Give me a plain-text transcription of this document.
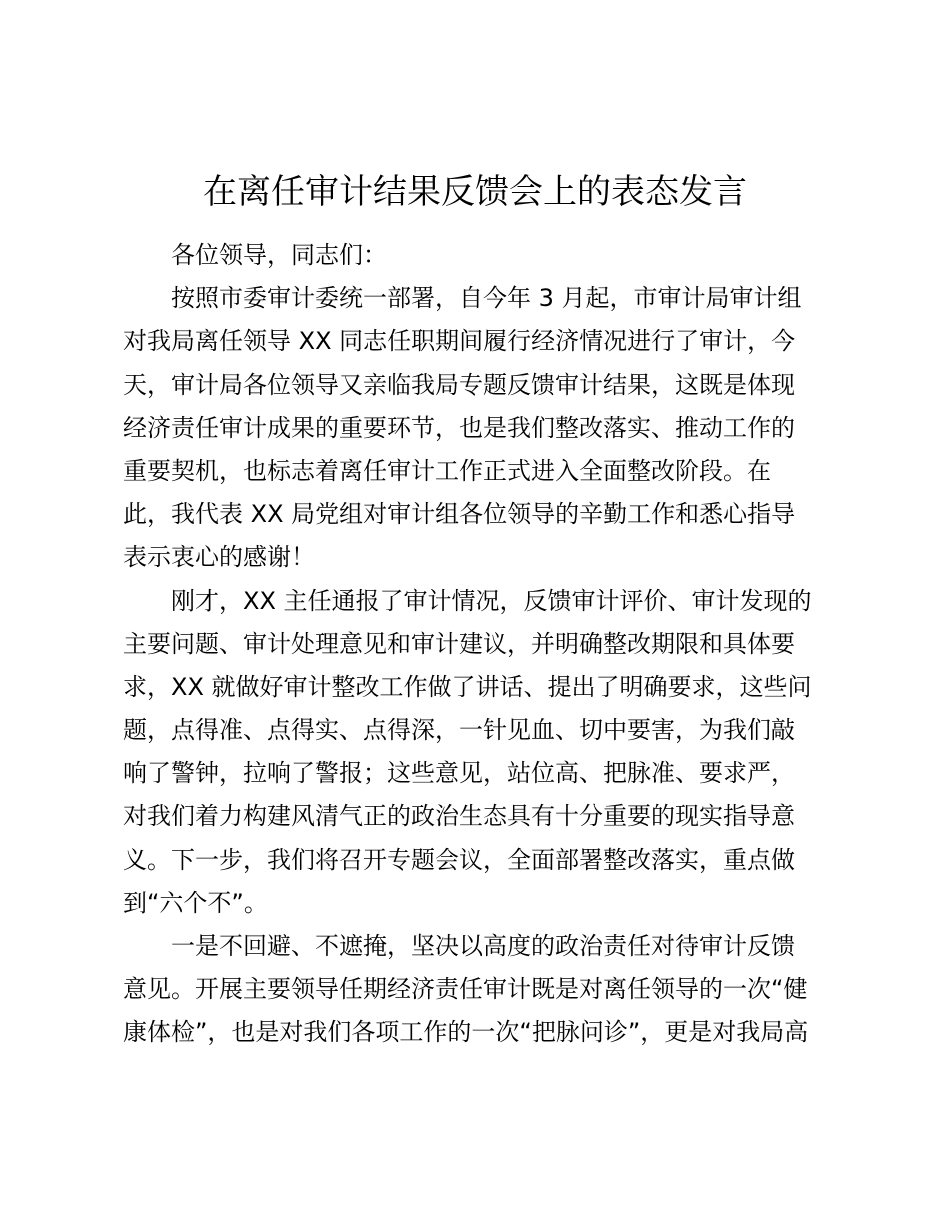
在离任审计结果反馈会上的表态发言
各位领导，同志们：
按照市委审计委统一部署，自今年 3 月起，市审计局审计组
对我局离任领导 XX 同志任职期间履行经济情况进行了审计，今
天，审计局各位领导又亲临我局专题反馈审计结果，这既是体现
经济责任审计成果的重要环节，也是我们整改落实、推动工作的
重要契机，也标志着离任审计工作正式进入全面整改阶段。在
此，我代表 XX 局党组对审计组各位领导的辛勤工作和悉心指导
表示衷心的感谢！
刚才，XX 主任通报了审计情况，反馈审计评价、审计发现的
主要问题、审计处理意见和审计建议，并明确整改期限和具体要
求，XX 就做好审计整改工作做了讲话、提出了明确要求，这些问
题，点得准、点得实、点得深，一针见血、切中要害，为我们敲
响了警钟，拉响了警报；这些意见，站位高、把脉准、要求严，
对我们着力构建风清气正的政治生态具有十分重要的现实指导意
义。下一步，我们将召开专题会议，全面部署整改落实，重点做
到“六个不”。
一是不回避、不遮掩，坚决以高度的政治责任对待审计反馈
意见。开展主要领导任期经济责任审计既是对离任领导的一次“健
康体检”，也是对我们各项工作的一次“把脉问诊”，更是对我局高
